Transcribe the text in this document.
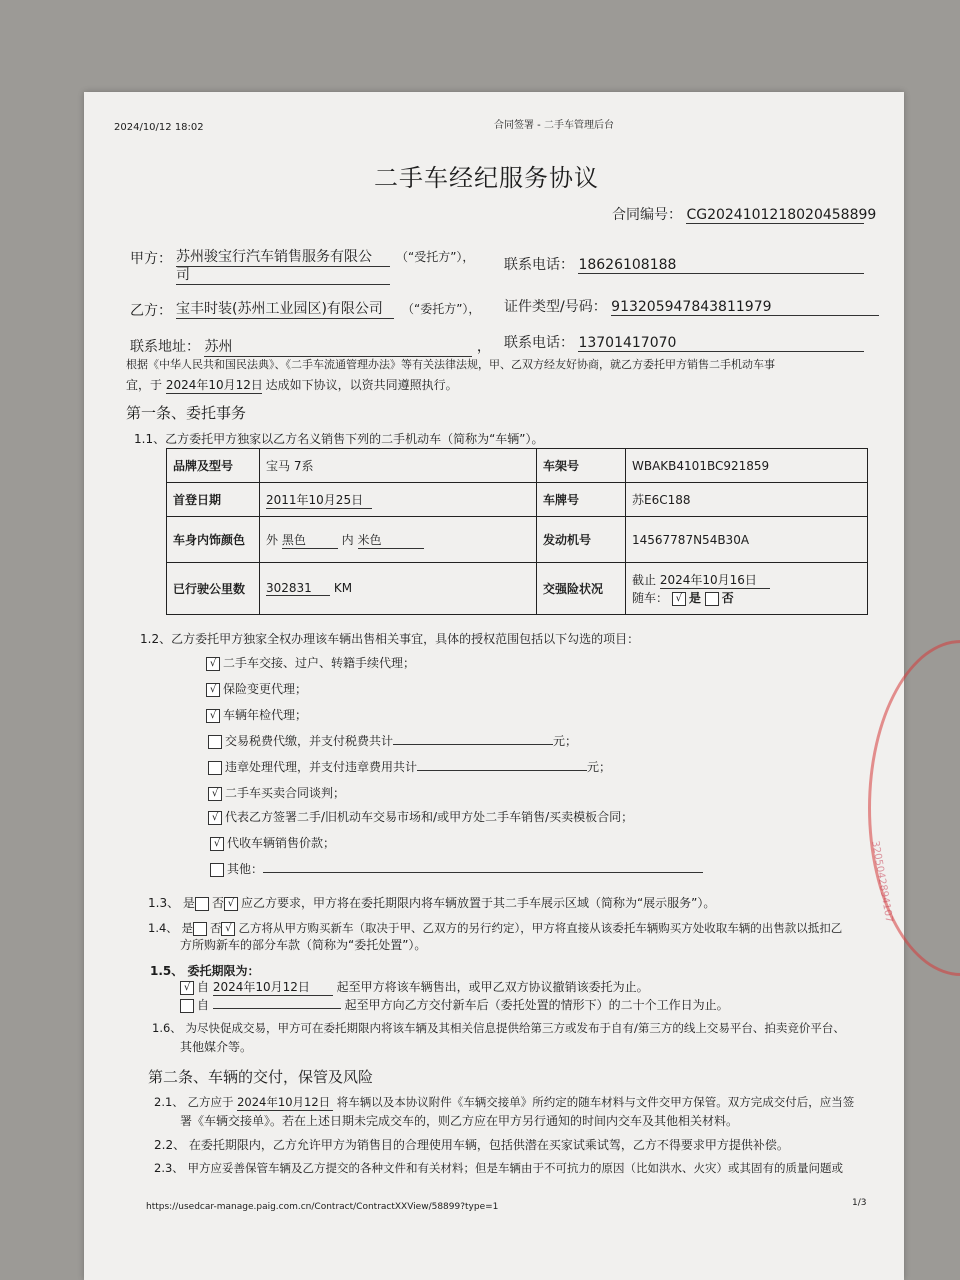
2024/10/12 18:02	合同签署 - 二手车管理后台
二手车经纪服务协议
合同编号： CG2024101218020458899
甲方： 苏州骏宝行汽车销售服务有限公
司
（“受托方”）， 联系电话： 18626108188
乙方： 宝丰时装(苏州工业园区)有限公司	（“委托方”）， 证件类型/号码： 913205947843811979
联系地址： 苏州	， 联系电话： 13701417070
根据《中华人民共和国民法典》、《二手车流通管理办法》等有关法律法规，甲、乙双方经友好协商，就乙方委托甲方销售二手机动车事
宜，于 2024年10月12日 达成如下协议，以资共同遵照执行。
第一条、委托事务
1.1、乙方委托甲方独家以乙方名义销售下列的二手机动车（简称为“车辆”）。
品牌及型号	宝马 7系	车架号	WBAKB4101BC921859
首登日期	2011年10月25日	车牌号	苏E6C188
车身内饰颜色	外 黑色 内 米色	发动机号	14567787N54B30A
已行驶公里数	302831 KM	交强险状况	截止 2024年10月16日
随车： √ 是 否
1.2、乙方委托甲方独家全权办理该车辆出售相关事宜，具体的授权范围包括以下勾选的项目：
√ 二手车交接、过户、转籍手续代理；
√ 保险变更代理；
√ 车辆年检代理；
交易税费代缴，并支付税费共计	元；
违章处理代理，并支付违章费用共计	元；
√ 二手车买卖合同谈判；
√ 代表乙方签署二手/旧机动车交易市场和/或甲方处二手车销售/买卖模板合同；
√ 代收车辆销售价款；
其他：
1.3、 是 否 √ 应乙方要求，甲方将在委托期限内将车辆放置于其二手车展示区域（简称为“展示服务”）。
1.4、 是 否 √ 乙方将从甲方购买新车（取决于甲、乙双方的另行约定），甲方将直接从该委托车辆购买方处收取车辆的出售款以抵扣乙
方所购新车的部分车款（简称为“委托处置”）。
1.5、 委托期限为：
√ 自 2024年10月12日 起至甲方将该车辆售出，或甲乙双方协议撤销该委托为止。
自	起至甲方向乙方交付新车后（委托处置的情形下）的二十个工作日为止。
1.6、 为尽快促成交易，甲方可在委托期限内将该车辆及其相关信息提供给第三方或发布于自有/第三方的线上交易平台、拍卖竞价平台、
其他媒介等。
第二条、车辆的交付，保管及风险
2.1、 乙方应于 2024年10月12日 将车辆以及本协议附件《车辆交接单》所约定的随车材料与文件交甲方保管。双方完成交付后，应当签
署《车辆交接单》。若在上述日期未完成交车的，则乙方应在甲方另行通知的时间内交车及其他相关材料。
2.2、 在委托期限内，乙方允许甲方为销售目的合理使用车辆，包括供潜在买家试乘试驾，乙方不得要求甲方提供补偿。
2.3、 甲方应妥善保管车辆及乙方提交的各种文件和有关材料；但是车辆由于不可抗力的原因（比如洪水、火灾）或其固有的质量问题或
https://usedcar-manage.paig.com.cn/Contract/ContractXXView/58899?type=1	1/3
3205042894107
